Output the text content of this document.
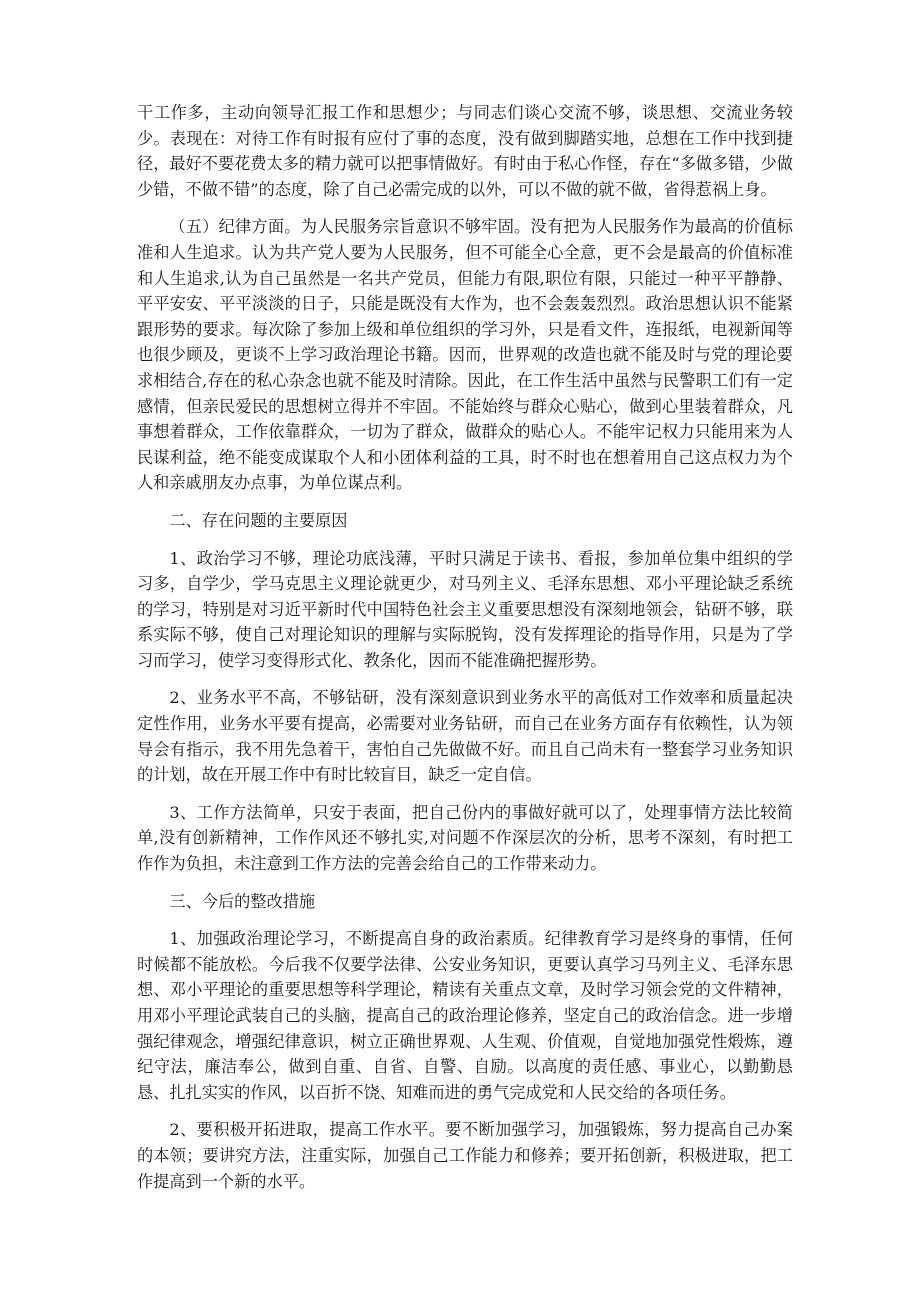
干工作多，主动向领导汇报工作和思想少；与同志们谈心交流不够，谈思想、交流业务较少。表现在：对待工作有时报有应付了事的态度，没有做到脚踏实地，总想在工作中找到捷径，最好不要花费太多的精力就可以把事情做好。有时由于私心作怪，存在“多做多错，少做少错，不做不错”的态度，除了自己必需完成的以外，可以不做的就不做，省得惹祸上身。

（五）纪律方面。为人民服务宗旨意识不够牢固。没有把为人民服务作为最高的价值标准和人生追求。认为共产党人要为人民服务，但不可能全心全意，更不会是最高的价值标准和人生追求,认为自己虽然是一名共产党员，但能力有限,职位有限，只能过一种平平静静、平平安安、平平淡淡的日子，只能是既没有大作为，也不会轰轰烈烈。政治思想认识不能紧跟形势的要求。每次除了参加上级和单位组织的学习外，只是看文件，连报纸，电视新闻等也很少顾及，更谈不上学习政治理论书籍。因而，世界观的改造也就不能及时与党的理论要求相结合,存在的私心杂念也就不能及时清除。因此，在工作生活中虽然与民警职工们有一定感情，但亲民爱民的思想树立得并不牢固。不能始终与群众心贴心，做到心里装着群众，凡事想着群众，工作依靠群众，一切为了群众，做群众的贴心人。不能牢记权力只能用来为人民谋利益，绝不能变成谋取个人和小团体利益的工具，时不时也在想着用自己这点权力为个人和亲戚朋友办点事，为单位谋点利。

二、存在问题的主要原因

1、政治学习不够，理论功底浅薄，平时只满足于读书、看报，参加单位集中组织的学习多，自学少，学马克思主义理论就更少，对马列主义、毛泽东思想、邓小平理论缺乏系统的学习，特别是对习近平新时代中国特色社会主义重要思想没有深刻地领会，钻研不够，联系实际不够，使自己对理论知识的理解与实际脱钩，没有发挥理论的指导作用，只是为了学习而学习，使学习变得形式化、教条化，因而不能准确把握形势。

2、业务水平不高，不够钻研，没有深刻意识到业务水平的高低对工作效率和质量起决定性作用，业务水平要有提高，必需要对业务钻研，而自己在业务方面存有依赖性，认为领导会有指示，我不用先急着干，害怕自己先做做不好。而且自己尚未有一整套学习业务知识的计划，故在开展工作中有时比较盲目，缺乏一定自信。

3、工作方法简单，只安于表面，把自己份内的事做好就可以了，处理事情方法比较简单,没有创新精神，工作作风还不够扎实,对问题不作深层次的分析，思考不深刻，有时把工作作为负担，未注意到工作方法的完善会给自己的工作带来动力。

三、今后的整改措施

1、加强政治理论学习，不断提高自身的政治素质。纪律教育学习是终身的事情，任何时候都不能放松。今后我不仅要学法律、公安业务知识，更要认真学习马列主义、毛泽东思想、邓小平理论的重要思想等科学理论，精读有关重点文章，及时学习领会党的文件精神，用邓小平理论武装自己的头脑，提高自己的政治理论修养，坚定自己的政治信念。进一步增强纪律观念，增强纪律意识，树立正确世界观、人生观、价值观，自觉地加强党性煅炼，遵纪守法，廉洁奉公，做到自重、自省、自警、自励。以高度的责任感、事业心，以勤勤恳恳、扎扎实实的作风，以百折不饶、知难而进的勇气完成党和人民交给的各项任务。

2、要积极开拓进取，提高工作水平。要不断加强学习，加强锻炼，努力提高自己办案的本领；要讲究方法，注重实际，加强自己工作能力和修养；要开拓创新，积极进取，把工作提高到一个新的水平。
